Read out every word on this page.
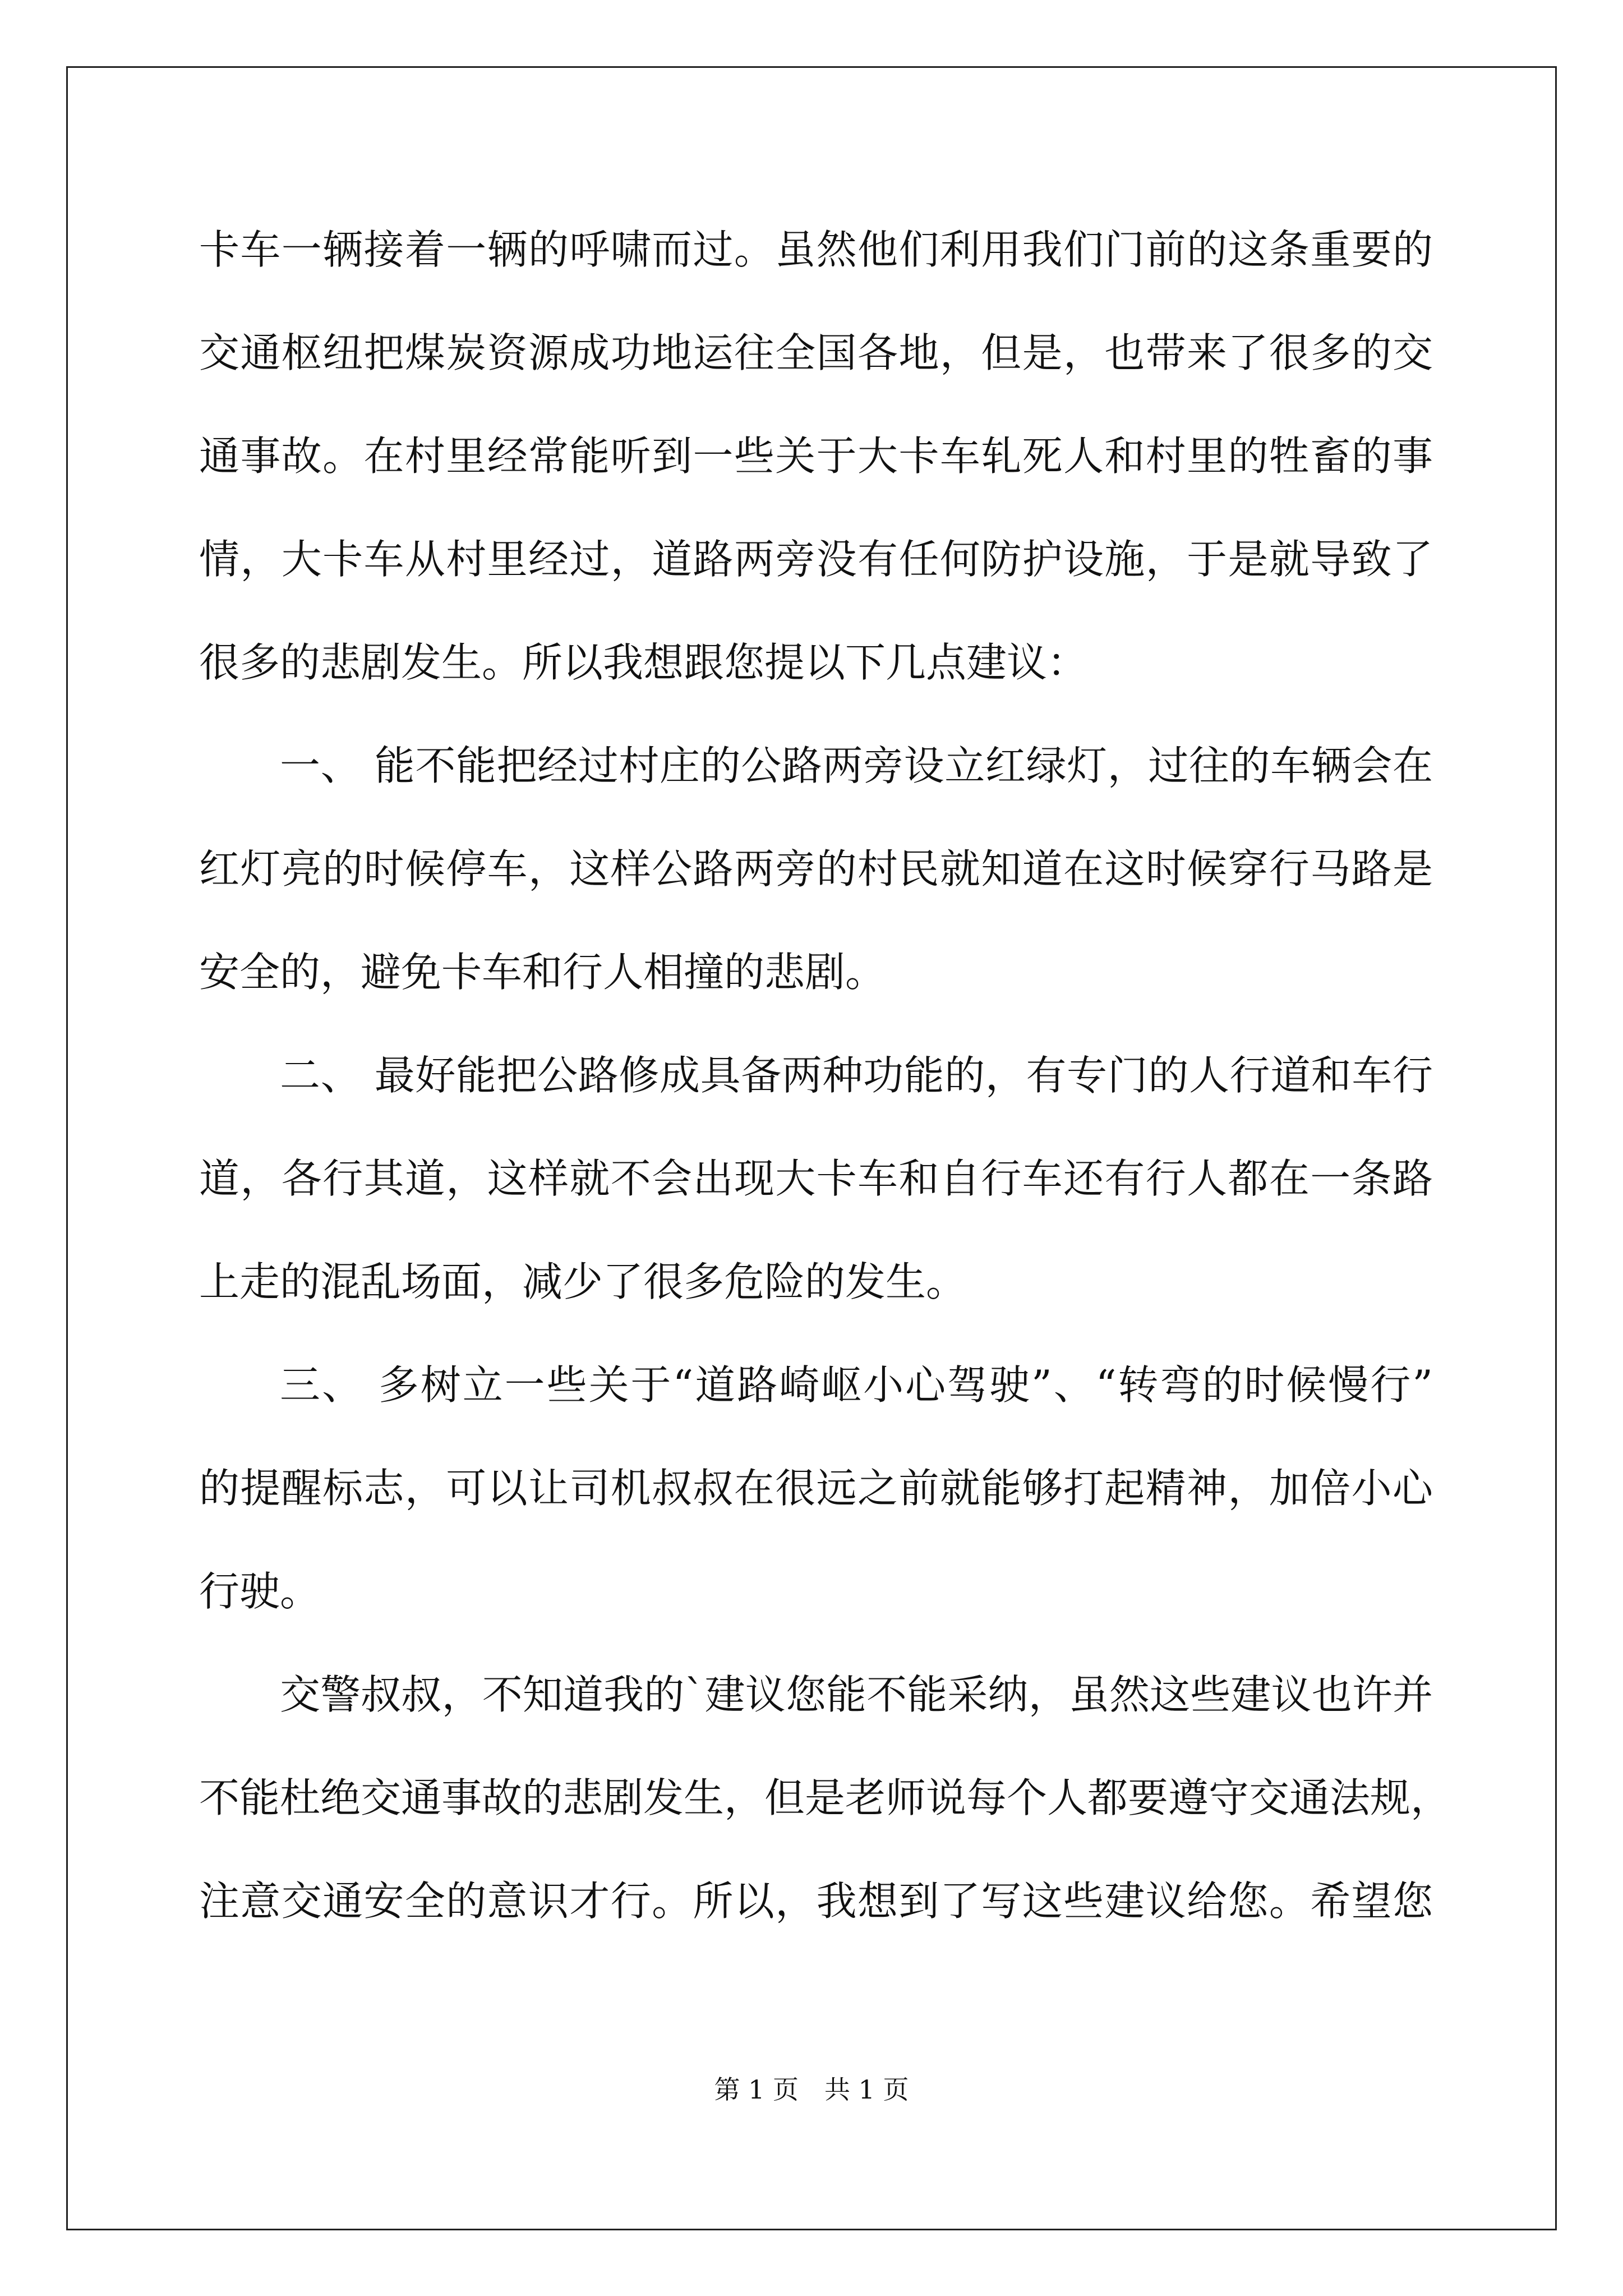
卡车一辆接着一辆的呼啸而过。虽然他们利用我们门前的这条重要的
交通枢纽把煤炭资源成功地运往全国各地，但是，也带来了很多的交
通事故。在村里经常能听到一些关于大卡车轧死人和村里的牲畜的事
情，大卡车从村里经过，道路两旁没有任何防护设施，于是就导致了
很多的悲剧发生。所以我想跟您提以下几点建议：
一、 能不能把经过村庄的公路两旁设立红绿灯，过往的车辆会在
红灯亮的时候停车，这样公路两旁的村民就知道在这时候穿行马路是
安全的，避免卡车和行人相撞的悲剧。
二、 最好能把公路修成具备两种功能的，有专门的人行道和车行
道，各行其道，这样就不会出现大卡车和自行车还有行人都在一条路
上走的混乱场面，减少了很多危险的发生。
三、 多树立一些关于“道路崎岖小心驾驶”、“转弯的时候慢行”
的提醒标志，可以让司机叔叔在很远之前就能够打起精神，加倍小心
行驶。
交警叔叔，不知道我的`建议您能不能采纳，虽然这些建议也许并
不能杜绝交通事故的悲剧发生，但是老师说每个人都要遵守交通法规，
注意交通安全的意识才行。所以，我想到了写这些建议给您。希望您
第 1 页　共 1 页
